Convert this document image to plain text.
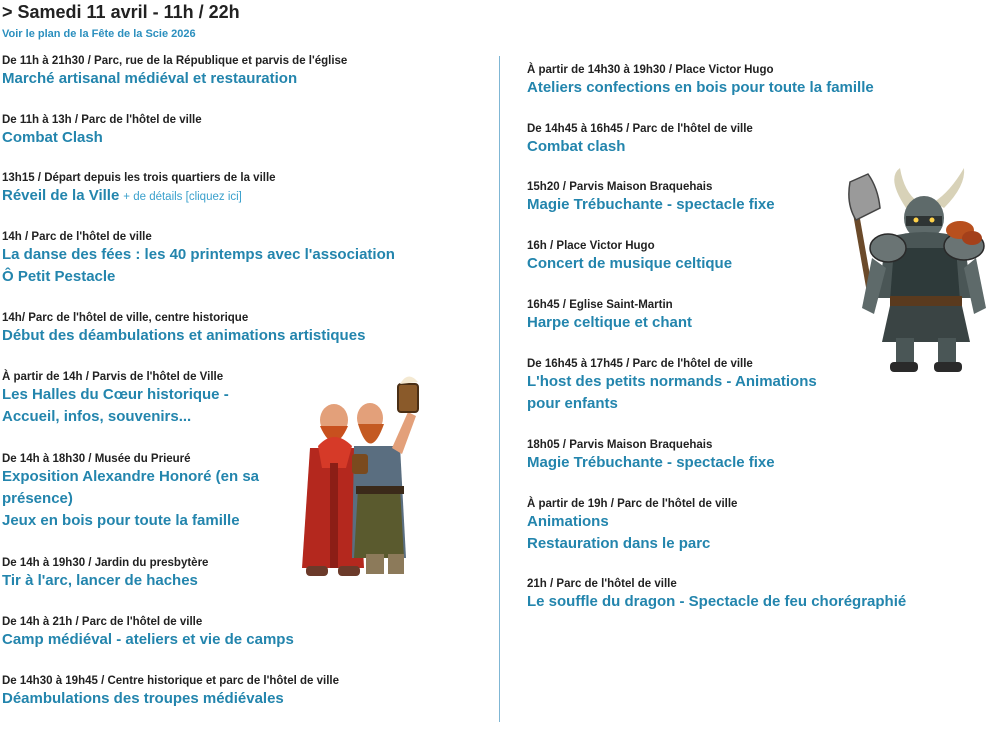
> Samedi 11 avril - 11h / 22h
Voir le plan de la Fête de la Scie 2026
De 11h à 21h30 / Parc, rue de la République et parvis de l'église
Marché artisanal médiéval et restauration
De 11h à 13h / Parc de l'hôtel de ville
Combat Clash
13h15 / Départ depuis les trois quartiers de la ville
Réveil de la Ville + de détails [cliquez ici]
14h / Parc de l'hôtel de ville
La danse des fées : les 40 printemps avec l'association
Ô Petit Pestacle
14h/ Parc de l'hôtel de ville, centre historique
Début des déambulations et animations artistiques
À partir de 14h / Parvis de l'hôtel de Ville
Les Halles du Cœur historique -
Accueil, infos, souvenirs...
De 14h à 18h30 / Musée du Prieuré
Exposition Alexandre Honoré (en sa
présence)
Jeux en bois pour toute la famille
De 14h à 19h30 / Jardin du presbytère
Tir à l'arc, lancer de haches
De 14h à 21h / Parc de l'hôtel de ville
Camp médiéval - ateliers et vie de camps
De 14h30 à 19h45 / Centre historique et parc de l'hôtel de ville
Déambulations des troupes médiévales
À partir de 14h30 à 19h30 / Place Victor Hugo
Ateliers confections en bois pour toute la famille
De 14h45 à 16h45 / Parc de l'hôtel de ville
Combat clash
15h20 / Parvis Maison Braquehais
Magie Trébuchante - spectacle fixe
16h / Place Victor Hugo
Concert de musique celtique
16h45 / Eglise Saint-Martin
Harpe celtique et chant
De 16h45 à 17h45 / Parc de l'hôtel de ville
L'host des petits normands - Animations
pour enfants
18h05 / Parvis Maison Braquehais
Magie Trébuchante - spectacle fixe
À partir de 19h / Parc de l'hôtel de ville
Animations
Restauration dans le parc
21h / Parc de l'hôtel de ville
Le souffle du dragon - Spectacle de feu chorégraphié
